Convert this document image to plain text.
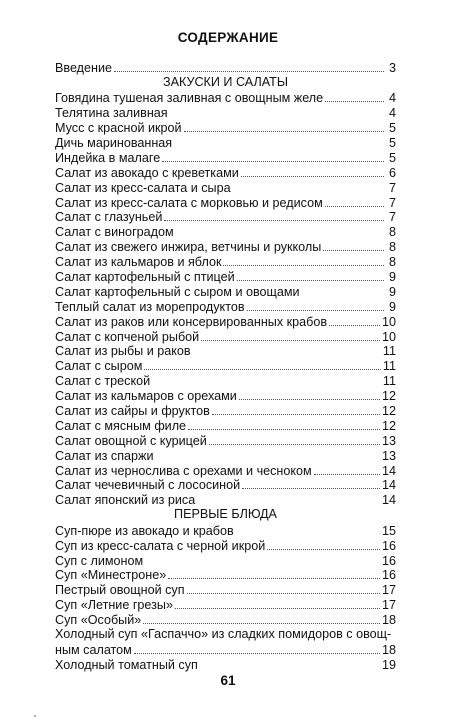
СОДЕРЖАНИЕ
Введение	3
ЗАКУСКИ И САЛАТЫ
Говядина тушеная заливная с овощным желе	4
Телятина заливная	4
Мусс с красной икрой	5
Дичь маринованная	5
Индейка в малаге	5
Салат из авокадо с креветками	6
Салат из кресс-салата и сыра	7
Салат из кресс-салата с морковью и редисом	7
Салат с глазуньей	7
Салат с виноградом	8
Салат из свежего инжира, ветчины и рукколы	8
Салат из кальмаров и яблок	8
Салат картофельный с птицей	9
Салат картофельный с сыром и овощами	9
Теплый салат из морепродуктов	9
Салат из раков или консервированных крабов	10
Салат с копченой рыбой	10
Салат из рыбы и раков	11
Салат с сыром	11
Салат с треской	11
Салат из кальмаров с орехами	12
Салат из сайры и фруктов	12
Салат с мясным филе	12
Салат овощной с курицей	13
Салат из спаржи	13
Салат из чернослива с орехами и чесноком	14
Салат чечевичный с лососиной	14
Салат японский из риса	14
ПЕРВЫЕ БЛЮДА
Суп-пюре из авокадо и крабов	15
Суп из кресс-салата с черной икрой	16
Суп с лимоном	16
Суп «Минестроне»	16
Пестрый овощной суп	17
Суп «Летние грезы»	17
Суп «Особый»	18
Холодный суп «Гаспаччо» из сладких помидоров с овощ-
ным салатом	18
Холодный томатный суп	19
61
